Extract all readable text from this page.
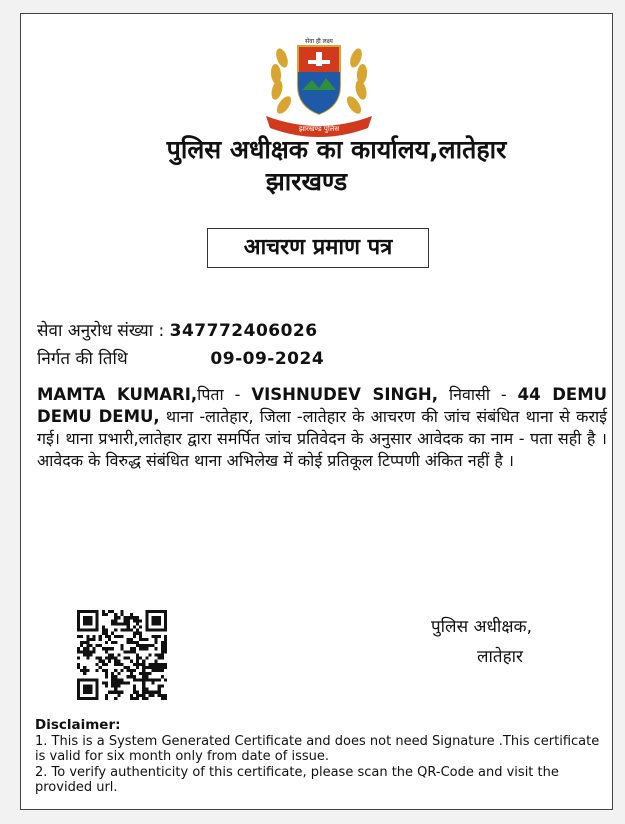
सेवा ही लक्ष्य
झारखण्ड पुलिस
पुलिस अधीक्षक का कार्यालय,लातेहार
झारखण्ड
आचरण प्रमाण पत्र
सेवा अनुरोध संख्या : 347772406026
निर्गत की तिथि	09-09-2024
MAMTA KUMARI,पिता - VISHNUDEV SINGH, निवासी - 44 DEMU DEMU DEMU, थाना -लातेहार, जिला -लातेहार के आचरण की जांच संबंधित थाना से कराई गई। थाना प्रभारी,लातेहार द्वारा समर्पित जांच प्रतिवेदन के अनुसार आवेदक का नाम - पता सही है । आवेदक के विरुद्ध संबंधित थाना अभिलेख में कोई प्रतिकूल टिप्पणी अंकित नहीं है ।
पुलिस अधीक्षक,
लातेहार
Disclaimer:
1. This is a System Generated Certificate and does not need Signature .This certificate is valid for six month only from date of issue.
2. To verify authenticity of this certificate, please scan the QR-Code and visit the provided url.
